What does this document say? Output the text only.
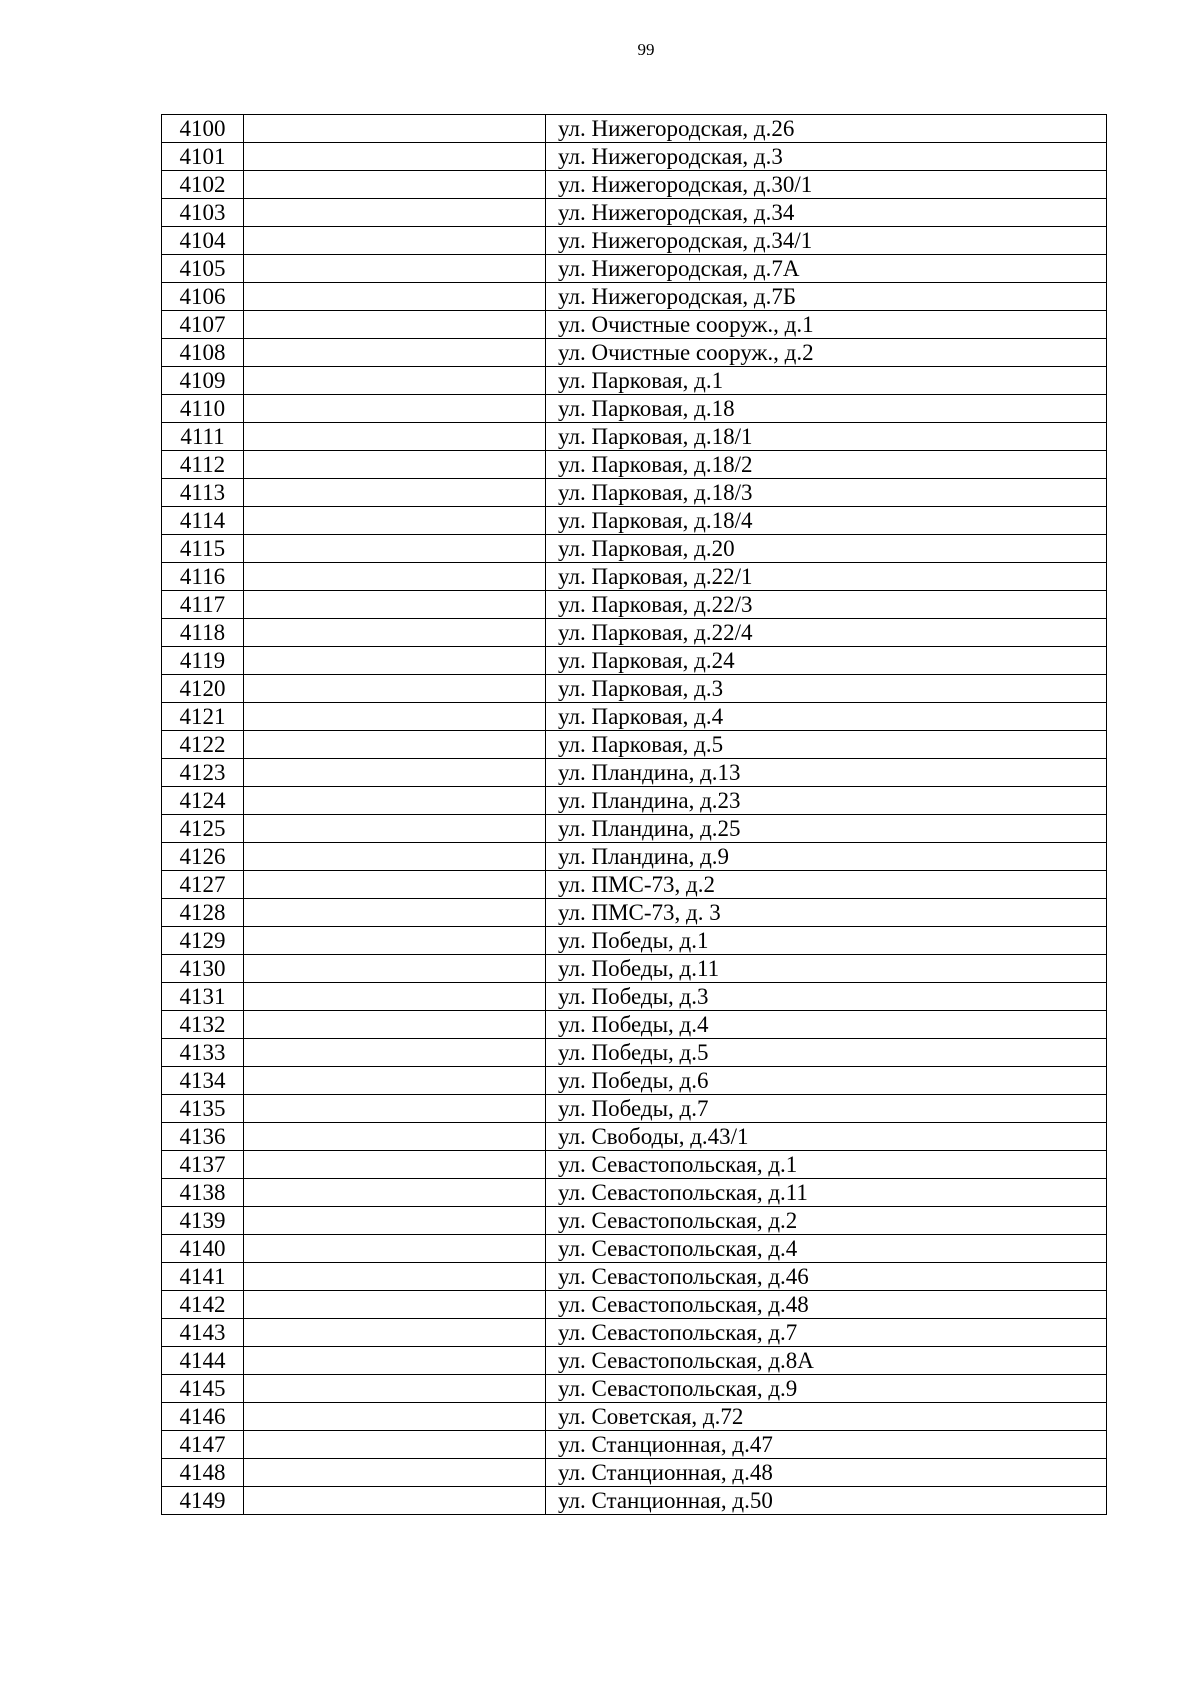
99
4100		ул. Нижегородская, д.26
4101		ул. Нижегородская, д.3
4102		ул. Нижегородская, д.30/1
4103		ул. Нижегородская, д.34
4104		ул. Нижегородская, д.34/1
4105		ул. Нижегородская, д.7А
4106		ул. Нижегородская, д.7Б
4107		ул. Очистные сооруж., д.1
4108		ул. Очистные сооруж., д.2
4109		ул. Парковая, д.1
4110		ул. Парковая, д.18
4111		ул. Парковая, д.18/1
4112		ул. Парковая, д.18/2
4113		ул. Парковая, д.18/3
4114		ул. Парковая, д.18/4
4115		ул. Парковая, д.20
4116		ул. Парковая, д.22/1
4117		ул. Парковая, д.22/3
4118		ул. Парковая, д.22/4
4119		ул. Парковая, д.24
4120		ул. Парковая, д.3
4121		ул. Парковая, д.4
4122		ул. Парковая, д.5
4123		ул. Пландина, д.13
4124		ул. Пландина, д.23
4125		ул. Пландина, д.25
4126		ул. Пландина, д.9
4127		ул. ПМС-73, д.2
4128		ул. ПМС-73, д. 3
4129		ул. Победы, д.1
4130		ул. Победы, д.11
4131		ул. Победы, д.3
4132		ул. Победы, д.4
4133		ул. Победы, д.5
4134		ул. Победы, д.6
4135		ул. Победы, д.7
4136		ул. Свободы, д.43/1
4137		ул. Севастопольская, д.1
4138		ул. Севастопольская, д.11
4139		ул. Севастопольская, д.2
4140		ул. Севастопольская, д.4
4141		ул. Севастопольская, д.46
4142		ул. Севастопольская, д.48
4143		ул. Севастопольская, д.7
4144		ул. Севастопольская, д.8А
4145		ул. Севастопольская, д.9
4146		ул. Советская, д.72
4147		ул. Станционная, д.47
4148		ул. Станционная, д.48
4149		ул. Станционная, д.50
